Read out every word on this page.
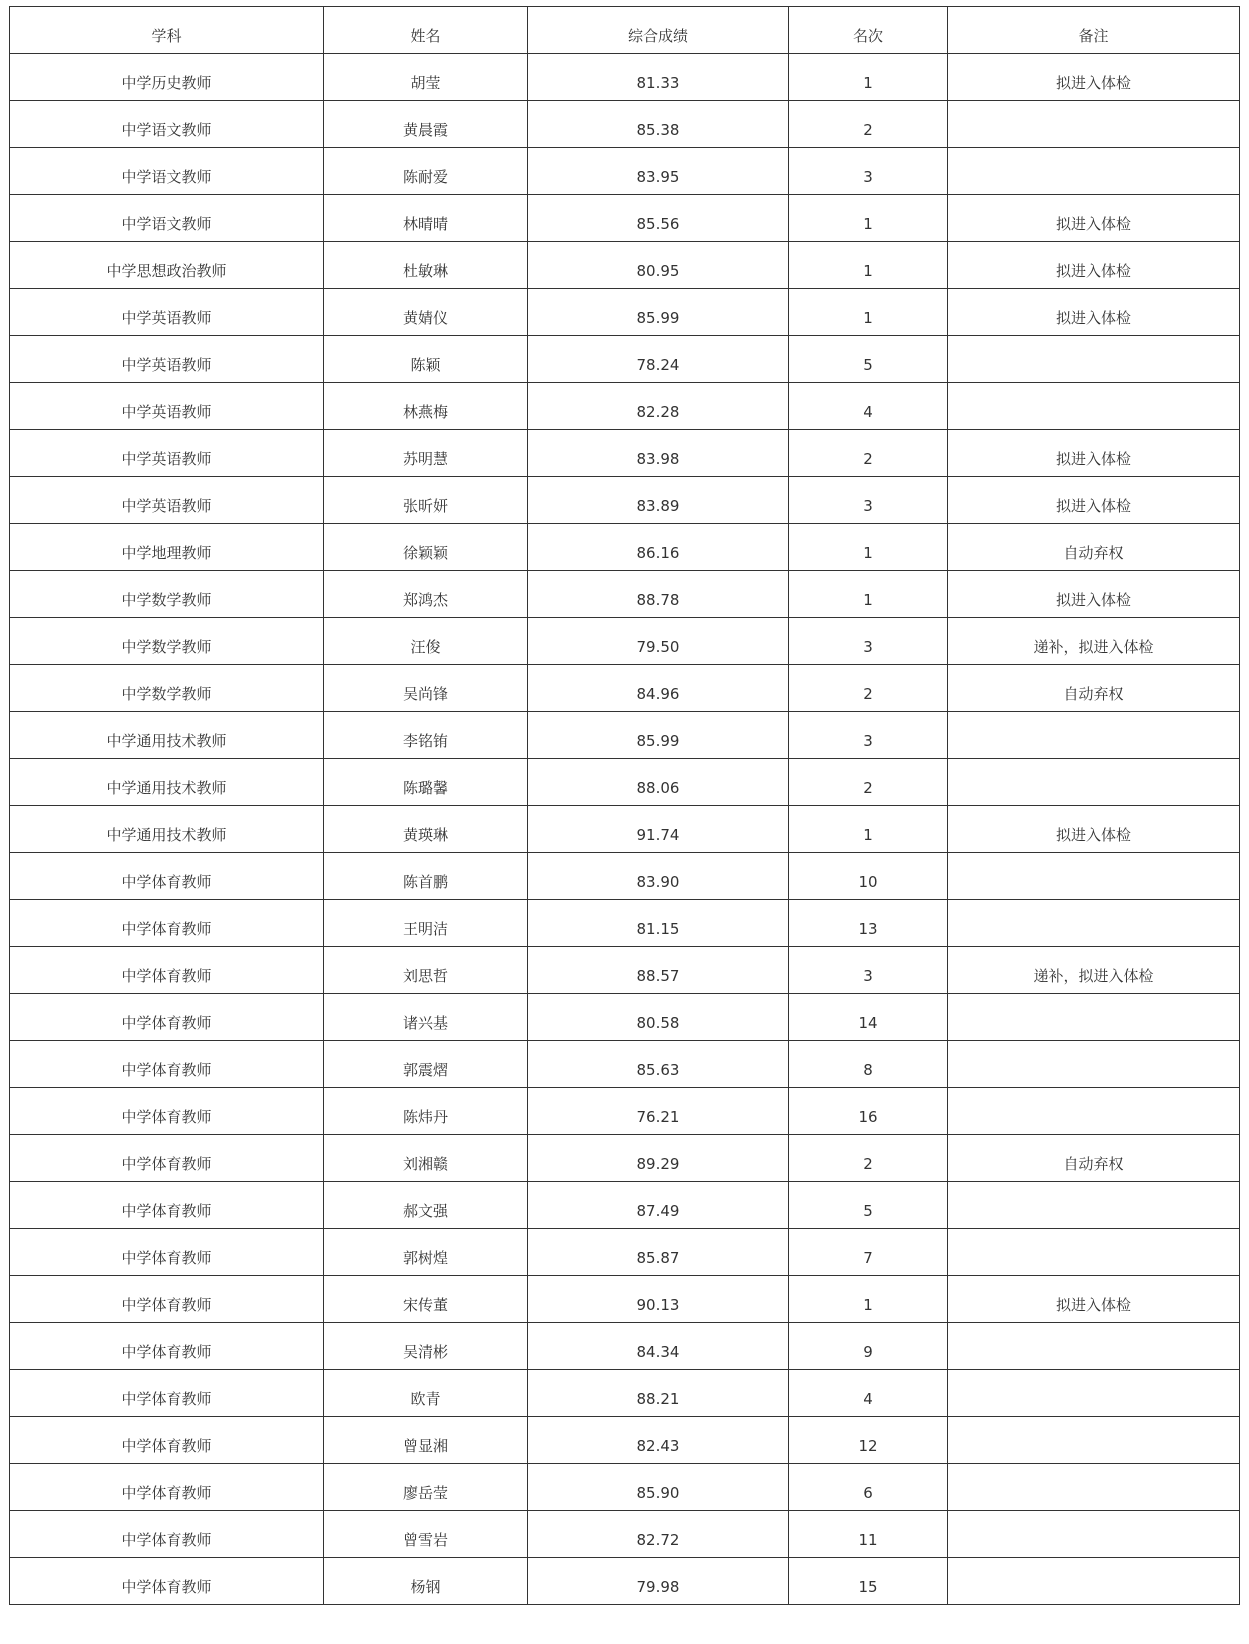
学科	姓名	综合成绩	名次	备注
中学历史教师	胡莹	81.33	1	拟进入体检
中学语文教师	黄晨霞	85.38	2	
中学语文教师	陈耐爱	83.95	3	
中学语文教师	林晴晴	85.56	1	拟进入体检
中学思想政治教师	杜敏琳	80.95	1	拟进入体检
中学英语教师	黄婧仪	85.99	1	拟进入体检
中学英语教师	陈颖	78.24	5	
中学英语教师	林燕梅	82.28	4	
中学英语教师	苏明慧	83.98	2	拟进入体检
中学英语教师	张昕妍	83.89	3	拟进入体检
中学地理教师	徐颖颖	86.16	1	自动弃权
中学数学教师	郑鸿杰	88.78	1	拟进入体检
中学数学教师	汪俊	79.50	3	递补，拟进入体检
中学数学教师	吴尚锋	84.96	2	自动弃权
中学通用技术教师	李铭铕	85.99	3	
中学通用技术教师	陈璐馨	88.06	2	
中学通用技术教师	黄瑛琳	91.74	1	拟进入体检
中学体育教师	陈首鹏	83.90	10	
中学体育教师	王明洁	81.15	13	
中学体育教师	刘思哲	88.57	3	递补，拟进入体检
中学体育教师	诸兴基	80.58	14	
中学体育教师	郭震熠	85.63	8	
中学体育教师	陈炜丹	76.21	16	
中学体育教师	刘湘赣	89.29	2	自动弃权
中学体育教师	郝文强	87.49	5	
中学体育教师	郭树煌	85.87	7	
中学体育教师	宋传董	90.13	1	拟进入体检
中学体育教师	吴清彬	84.34	9	
中学体育教师	欧青	88.21	4	
中学体育教师	曾显湘	82.43	12	
中学体育教师	廖岳莹	85.90	6	
中学体育教师	曾雪岩	82.72	11	
中学体育教师	杨钢	79.98	15	
